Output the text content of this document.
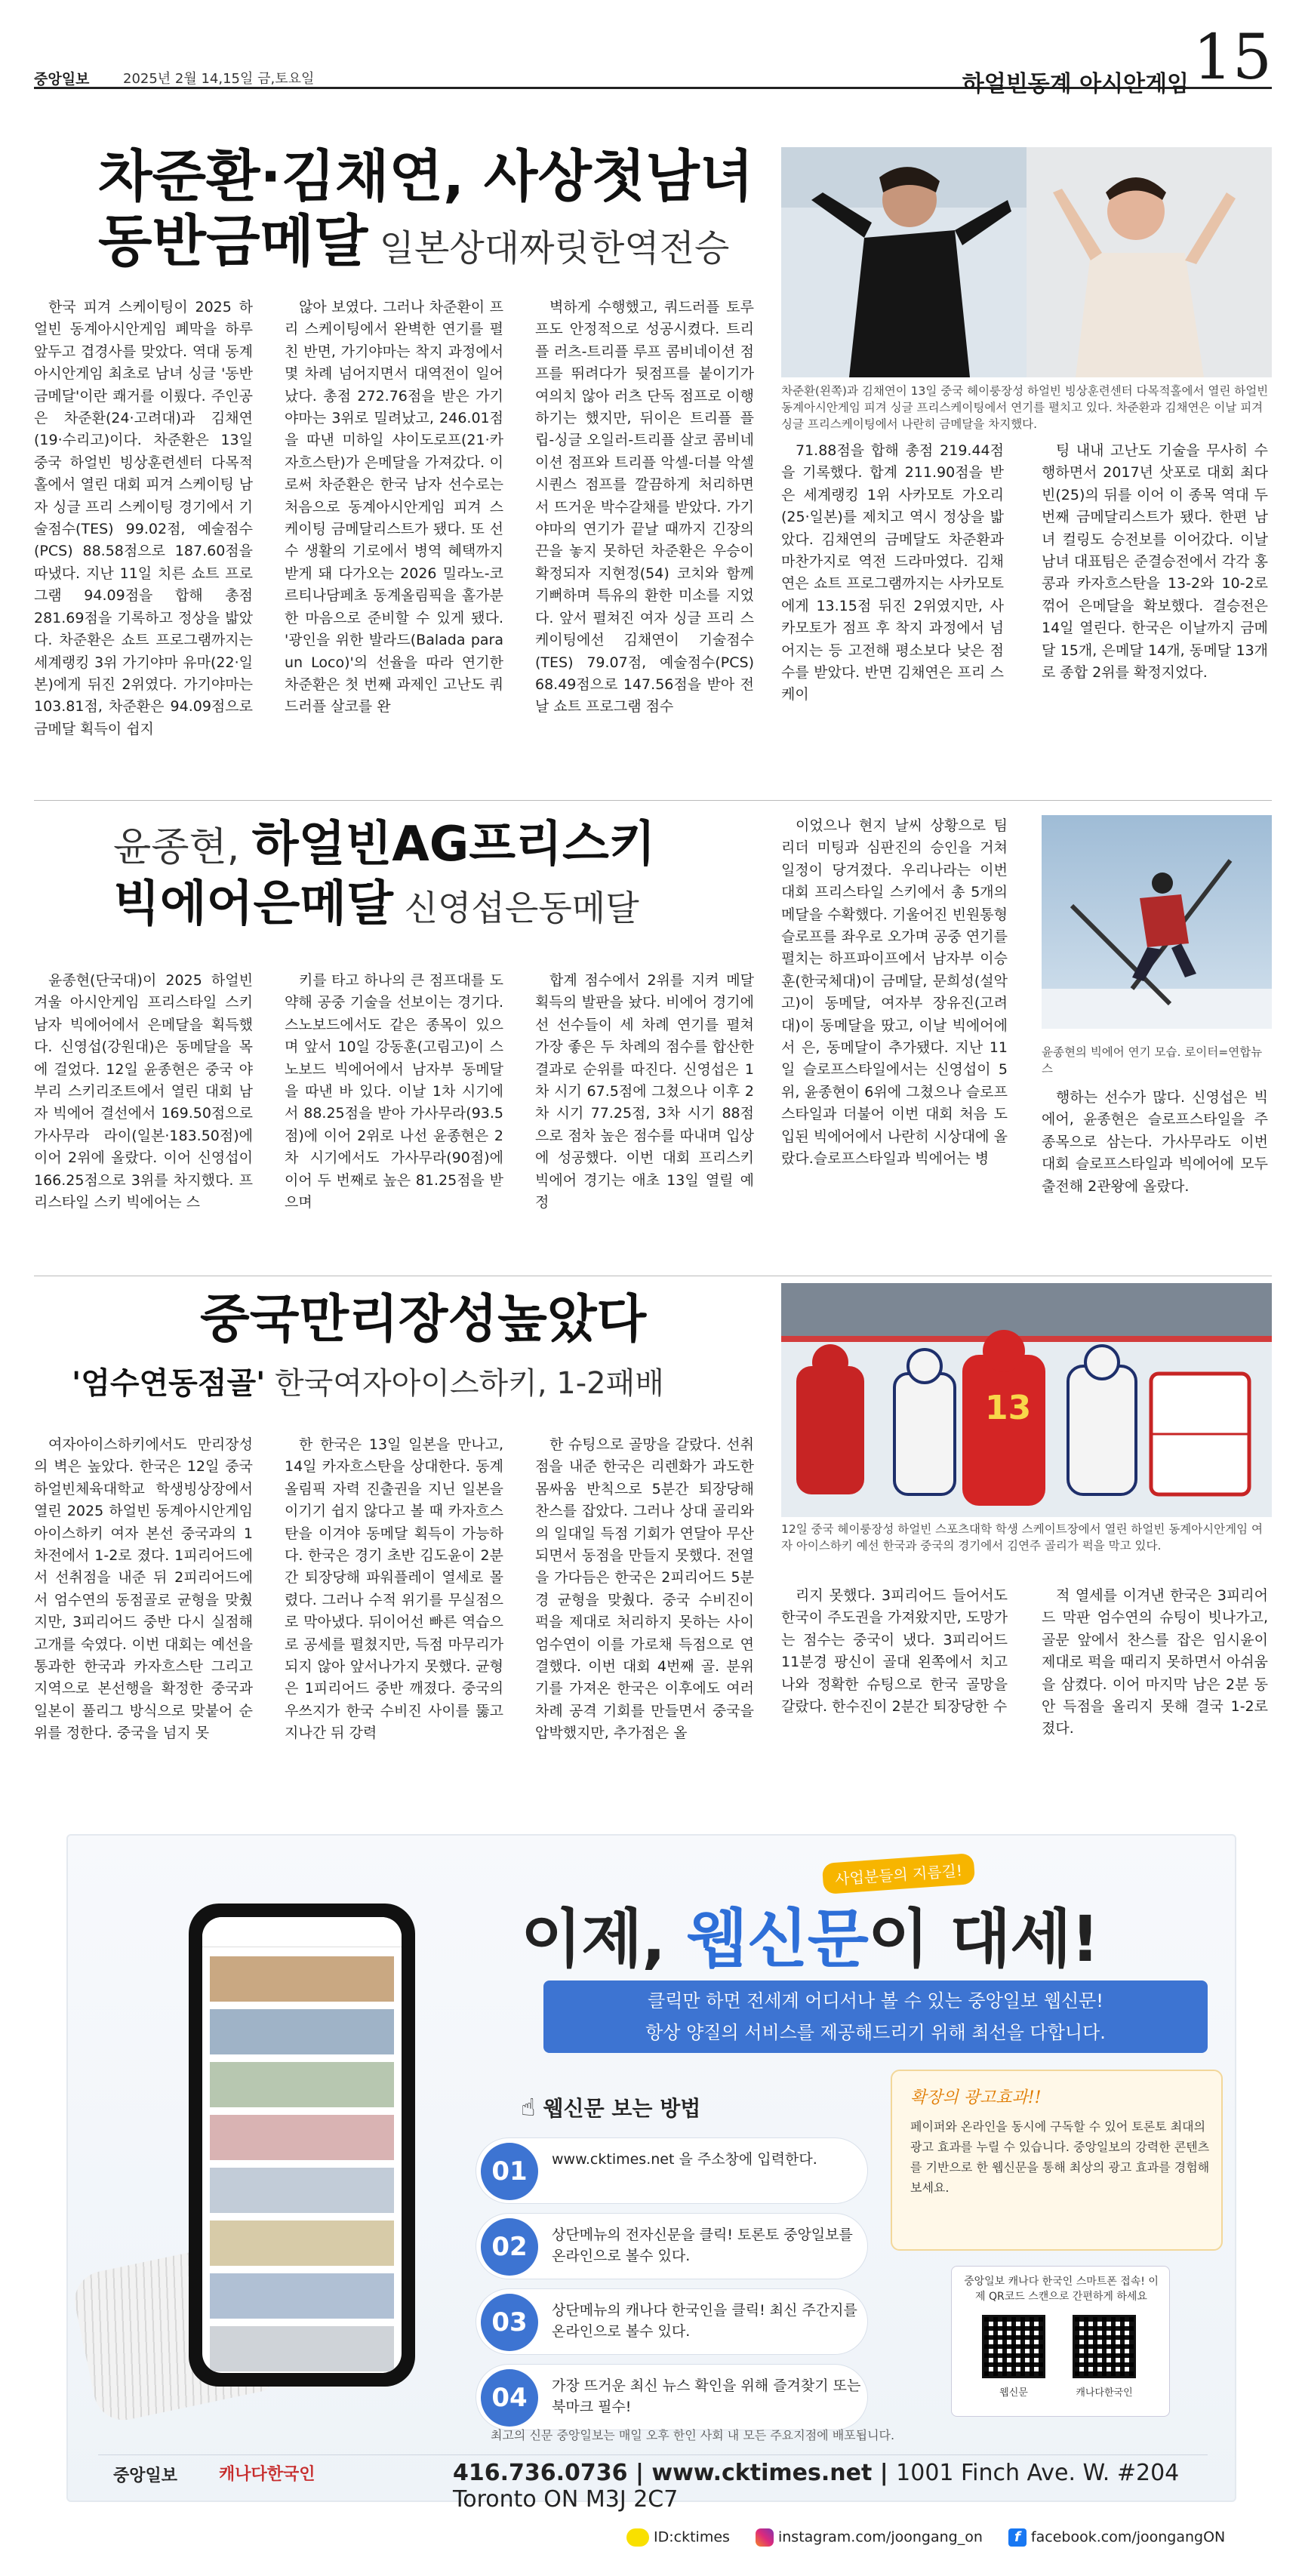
중앙일보 2025년 2월 14,15일 금,토요일	하얼빈동계 아시안게임 15
차준환·김채연, 사상첫남녀
동반금메달 일본상대짜릿한역전승
차준환(왼쪽)과 김채연이 13일 중국 헤이룽장성 하얼빈 빙상훈련센터 다목적홀에서 열린 하얼빈 동계아시안게임 피겨 싱글 프리스케이팅에서 연기를 펼치고 있다. 차준환과 김채연은 이날 피겨 싱글 프리스케이팅에서 나란히 금메달을 차지했다.
한국 피겨 스케이팅이 2025 하얼빈 동계아시안게임 폐막을 하루 앞두고 겹경사를 맞았다. 역대 동계아시안게임 최초로 남녀 싱글 '동반 금메달'이란 쾌거를 이뤘다. 주인공은 차준환(24·고려대)과 김채연(19·수리고)이다. 차준환은 13일 중국 하얼빈 빙상훈련센터 다목적홀에서 열린 대회 피겨 스케이팅 남자 싱글 프리 스케이팅 경기에서 기술점수(TES) 99.02점, 예술점수(PCS) 88.58점으로 187.60점을 따냈다. 지난 11일 치른 쇼트 프로그램 94.09점을 합해 총점 281.69점을 기록하고 정상을 밟았다. 차준환은 쇼트 프로그램까지는 세계랭킹 3위 가기야마 유마(22·일본)에게 뒤진 2위였다. 가기야마는 103.81점, 차준환은 94.09점으로 금메달 획득이 쉽지
않아 보였다. 그러나 차준환이 프리 스케이팅에서 완벽한 연기를 펼친 반면, 가기야마는 착지 과정에서 몇 차례 넘어지면서 대역전이 일어났다. 총점 272.76점을 받은 가기야마는 3위로 밀려났고, 246.01점을 따낸 미하일 샤이도로프(21·카자흐스탄)가 은메달을 가져갔다. 이로써 차준환은 한국 남자 선수로는 처음으로 동계아시안게임 피겨 스케이팅 금메달리스트가 됐다. 또 선수 생활의 기로에서 병역 혜택까지 받게 돼 다가오는 2026 밀라노-코르티나담페초 동계올림픽을 홀가분한 마음으로 준비할 수 있게 됐다. '광인을 위한 발라드(Balada para un Loco)'의 선율을 따라 연기한 차준환은 첫 번째 과제인 고난도 쿼드러플 살코를 완
벽하게 수행했고, 쿼드러플 토루프도 안정적으로 성공시켰다. 트리플 러츠-트리플 루프 콤비네이션 점프를 뛰려다가 뒷점프를 붙이기가 여의치 않아 러츠 단독 점프로 이행하기는 했지만, 뒤이은 트리플 플립-싱글 오일러-트리플 살코 콤비네이션 점프와 트리플 악셀-더블 악셀 시퀀스 점프를 깔끔하게 처리하면서 뜨거운 박수갈채를 받았다. 가기야마의 연기가 끝날 때까지 긴장의 끈을 놓지 못하던 차준환은 우승이 확정되자 지현정(54) 코치와 함께 기뻐하며 특유의 환한 미소를 지었다. 앞서 펼쳐진 여자 싱글 프리 스케이팅에선 김채연이 기술점수(TES) 79.07점, 예술점수(PCS) 68.49점으로 147.56점을 받아 전날 쇼트 프로그램 점수
71.88점을 합해 총점 219.44점을 기록했다. 합계 211.90점을 받은 세계랭킹 1위 사카모토 가오리(25·일본)를 제치고 역시 정상을 밟았다. 김채연의 금메달도 차준환과 마찬가지로 역전 드라마였다. 김채연은 쇼트 프로그램까지는 사카모토에게 13.15점 뒤진 2위였지만, 사카모토가 점프 후 착지 과정에서 넘어지는 등 고전해 평소보다 낮은 점수를 받았다. 반면 김채연은 프리 스케이
팅 내내 고난도 기술을 무사히 수행하면서 2017년 삿포로 대회 최다빈(25)의 뒤를 이어 이 종목 역대 두 번째 금메달리스트가 됐다. 한편 남녀 컬링도 승전보를 이어갔다. 이날 남녀 대표팀은 준결승전에서 각각 홍콩과 카자흐스탄을 13-2와 10-2로 꺾어 은메달을 확보했다. 결승전은 14일 열린다. 한국은 이날까지 금메달 15개, 은메달 14개, 동메달 13개로 종합 2위를 확정지었다.
윤종현, 하얼빈AG프리스키
빅에어은메달 신영섭은동메달
윤종현(단국대)이 2025 하얼빈 겨울 아시안게임 프리스타일 스키 남자 빅에어에서 은메달을 획득했다. 신영섭(강원대)은 동메달을 목에 걸었다. 12일 윤종현은 중국 야부리 스키리조트에서 열린 대회 남자 빅에어 결선에서 169.50점으로 가사무라 라이(일본·183.50점)에 이어 2위에 올랐다. 이어 신영섭이 166.25점으로 3위를 차지했다. 프리스타일 스키 빅에어는 스
키를 타고 하나의 큰 점프대를 도약해 공중 기술을 선보이는 경기다. 스노보드에서도 같은 종목이 있으며 앞서 10일 강동훈(고림고)이 스노보드 빅에어에서 남자부 동메달을 따낸 바 있다. 이날 1차 시기에서 88.25점을 받아 가사무라(93.5점)에 이어 2위로 나선 윤종현은 2차 시기에서도 가사무라(90점)에 이어 두 번째로 높은 81.25점을 받으며
합계 점수에서 2위를 지켜 메달 획득의 발판을 놨다. 비에어 경기에선 선수들이 세 차례 연기를 펼쳐 가장 좋은 두 차례의 점수를 합산한 결과로 순위를 따진다. 신영섭은 1차 시기 67.5점에 그쳤으나 이후 2차 시기 77.25점, 3차 시기 88점으로 점차 높은 점수를 따내며 입상에 성공했다. 이번 대회 프리스키 빅에어 경기는 애초 13일 열릴 예정
이었으나 현지 날씨 상황으로 팀 리더 미팅과 심판진의 승인을 거쳐 일정이 당겨졌다. 우리나라는 이번 대회 프리스타일 스키에서 총 5개의 메달을 수확했다. 기울어진 빈원통형 슬로프를 좌우로 오가며 공중 연기를 펼치는 하프파이프에서 남자부 이승훈(한국체대)이 금메달, 문희성(설악고)이 동메달, 여자부 장유진(고려대)이 동메달을 땄고, 이날 빅에어에서 은, 동메달이 추가됐다. 지난 11일 슬로프스타일에서는 신영섭이 5위, 윤종현이 6위에 그쳤으나 슬로프스타일과 더불어 이번 대회 처음 도입된 빅에어에서 나란히 시상대에 올랐다.슬로프스타일과 빅에어는 병
윤종현의 빅에어 연기 모습. 로이터=연합뉴스
행하는 선수가 많다. 신영섭은 빅에어, 윤종현은 슬로프스타일을 주 종목으로 삼는다. 가사무라도 이번 대회 슬로프스타일과 빅에어에 모두 출전해 2관왕에 올랐다.
중국만리장성높았다
'엄수연동점골' 한국여자아이스하키, 1-2패배
13
12일 중국 헤이룽장성 하얼빈 스포츠대학 학생 스케이트장에서 열린 하얼빈 동계아시안게임 여자 아이스하키 예선 한국과 중국의 경기에서 김연주 골리가 퍽을 막고 있다.
여자아이스하키에서도 만리장성의 벽은 높았다. 한국은 12일 중국 하얼빈체육대학교 학생빙상장에서 열린 2025 하얼빈 동계아시안게임 아이스하키 여자 본선 중국과의 1차전에서 1-2로 졌다. 1피리어드에서 선취점을 내준 뒤 2피리어드에서 엄수연의 동점골로 균형을 맞췄지만, 3피리어드 중반 다시 실점해 고개를 숙였다. 이번 대회는 예선을 통과한 한국과 카자흐스탄 그리고 지역으로 본선행을 확정한 중국과 일본이 풀리그 방식으로 맞붙어 순위를 정한다. 중국을 넘지 못
한 한국은 13일 일본을 만나고, 14일 카자흐스탄을 상대한다. 동계올림픽 자력 진출권을 지닌 일본을 이기기 쉽지 않다고 볼 때 카자흐스탄을 이겨야 동메달 획득이 가능하다. 한국은 경기 초반 김도윤이 2분간 퇴장당해 파워플레이 열세로 몰렸다. 그러나 수적 위기를 무실점으로 막아냈다. 뒤이어선 빠른 역습으로 공세를 펼쳤지만, 득점 마무리가 되지 않아 앞서나가지 못했다. 균형은 1피리어드 중반 깨졌다. 중국의 우쓰지가 한국 수비진 사이를 뚫고 지나간 뒤 강력
한 슈팅으로 골망을 갈랐다. 선취점을 내준 한국은 리렌화가 과도한 몸싸움 반칙으로 5분간 퇴장당해 찬스를 잡았다. 그러나 상대 골리와의 일대일 득점 기회가 연달아 무산되면서 동점을 만들지 못했다. 전열을 가다듬은 한국은 2피리어드 5분경 균형을 맞췄다. 중국 수비진이 퍽을 제대로 처리하지 못하는 사이 엄수연이 이를 가로채 득점으로 연결했다. 이번 대회 4번째 골. 분위기를 가져온 한국은 이후에도 여러 차례 공격 기회를 만들면서 중국을 압박했지만, 추가점은 올
리지 못했다. 3피리어드 들어서도 한국이 주도권을 가져왔지만, 도망가는 점수는 중국이 냈다. 3피리어드 11분경 팡신이 골대 왼쪽에서 치고 나와 정확한 슈팅으로 한국 골망을 갈랐다. 한수진이 2분간 퇴장당한 수
적 열세를 이겨낸 한국은 3피리어드 막판 엄수연의 슈팅이 빗나가고, 골문 앞에서 찬스를 잡은 임시윤이 제대로 퍽을 때리지 못하면서 아쉬움을 삼켰다. 이어 마지막 남은 2분 동안 득점을 올리지 못해 결국 1-2로 졌다.
사업분들의 지름길!
이제, 웹신문이 대세!
클릭만 하면 전세계 어디서나 볼 수 있는 중앙일보 웹신문!
항상 양질의 서비스를 제공해드리기 위해 최선을 다합니다.
☝ 웹신문 보는 방법
01	www.cktimes.net 을 주소창에 입력한다.
02	상단메뉴의 전자신문을 클릭! 토론토 중앙일보를 온라인으로 볼수 있다.
03	상단메뉴의 캐나다 한국인을 클릭! 최신 주간지를 온라인으로 볼수 있다.
04	가장 뜨거운 최신 뉴스 확인을 위해 즐겨찾기 또는 북마크 필수!
확장의 광고효과!!
페이퍼와 온라인을 동시에 구독할 수 있어 토론토 최대의 광고 효과를 누릴 수 있습니다. 중앙일보의 강력한 콘텐츠를 기반으로 한 웹신문을 통해 최상의 광고 효과를 경험해 보세요.
중앙일보 캐나다 한국인 스마트폰 접속! 이제 QR코드 스캔으로 간편하게 하세요
웹신문	캐나다한국인
최고의 신문 중앙일보는 매일 오후 한인 사회 내 모든 주요지점에 배포됩니다.
중앙일보 캐나다한국인	416.736.0736 | www.cktimes.net | 1001 Finch Ave. W. #204 Toronto ON M3J 2C7
ID:cktimes	instagram.com/joongang_on f facebook.com/joongangON
